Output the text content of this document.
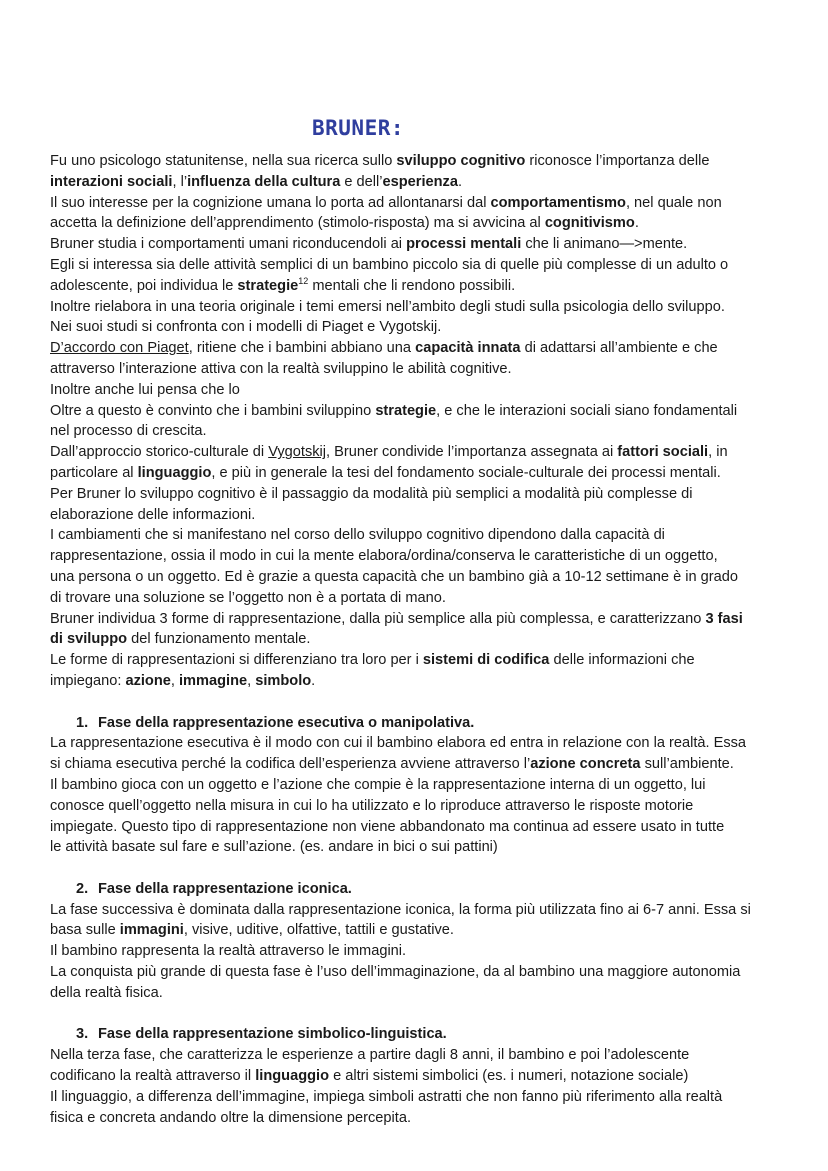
BRUNER:
Fu uno psicologo statunitense, nella sua ricerca sullo sviluppo cognitivo riconosce l’importanza delle
interazioni sociali, l’influenza della cultura e dell’esperienza.
Il suo interesse per la cognizione umana lo porta ad allontanarsi dal comportamentismo, nel quale non
accetta la definizione dell’apprendimento (stimolo-risposta) ma si avvicina al cognitivismo.
Bruner studia i comportamenti umani riconducendoli ai processi mentali che li animano—>mente.
Egli si interessa sia delle attività semplici di un bambino piccolo sia di quelle più complesse di un adulto o
adolescente, poi individua le strategie$^{12}$ mentali che li rendono possibili.
Inoltre rielabora in una teoria originale i temi emersi nell’ambito degli studi sulla psicologia dello sviluppo.
Nei suoi studi si confronta con i modelli di Piaget e Vygotskij.
D’accordo con Piaget, ritiene che i bambini abbiano una capacità innata di adattarsi all’ambiente e che
attraverso l’interazione attiva con la realtà sviluppino le abilità cognitive.
Inoltre anche lui pensa che lo
Oltre a questo è convinto che i bambini sviluppino strategie, e che le interazioni sociali siano fondamentali
nel processo di crescita.
Dall’approccio storico-culturale di Vygotskij, Bruner condivide l’importanza assegnata ai fattori sociali, in
particolare al linguaggio, e più in generale la tesi del fondamento sociale-culturale dei processi mentali.
Per Bruner lo sviluppo cognitivo è il passaggio da modalità più semplici a modalità più complesse di
elaborazione delle informazioni.
I cambiamenti che si manifestano nel corso dello sviluppo cognitivo dipendono dalla capacità di
rappresentazione, ossia il modo in cui la mente elabora/ordina/conserva le caratteristiche di un oggetto,
una persona o un oggetto. Ed è grazie a questa capacità che un bambino già a 10-12 settimane è in grado
di trovare una soluzione se l’oggetto non è a portata di mano.
Bruner individua 3 forme di rappresentazione, dalla più semplice alla più complessa, e caratterizzano 3 fasi
di sviluppo del funzionamento mentale.
Le forme di rappresentazioni si differenziano tra loro per i sistemi di codifica delle informazioni che
impiegano: azione, immagine, simbolo.
1. Fase della rappresentazione esecutiva o manipolativa.
La rappresentazione esecutiva è il modo con cui il bambino elabora ed entra in relazione con la realtà. Essa
si chiama esecutiva perché la codifica dell’esperienza avviene attraverso l’azione concreta sull’ambiente.
Il bambino gioca con un oggetto e l’azione che compie è la rappresentazione interna di un oggetto, lui
conosce quell’oggetto nella misura in cui lo ha utilizzato e lo riproduce attraverso le risposte motorie
impiegate. Questo tipo di rappresentazione non viene abbandonato ma continua ad essere usato in tutte
le attività basate sul fare e sull’azione. (es. andare in bici o sui pattini)
2. Fase della rappresentazione iconica.
La fase successiva è dominata dalla rappresentazione iconica, la forma più utilizzata fino ai 6-7 anni. Essa si
basa sulle immagini, visive, uditive, olfattive, tattili e gustative.
Il bambino rappresenta la realtà attraverso le immagini.
La conquista più grande di questa fase è l’uso dell’immaginazione, da al bambino una maggiore autonomia
della realtà fisica.
3. Fase della rappresentazione simbolico-linguistica.
Nella terza fase, che caratterizza le esperienze a partire dagli 8 anni, il bambino e poi l’adolescente
codificano la realtà attraverso il linguaggio e altri sistemi simbolici (es. i numeri, notazione sociale)
Il linguaggio, a differenza dell’immagine, impiega simboli astratti che non fanno più riferimento alla realtà
fisica e concreta andando oltre la dimensione percepita.
